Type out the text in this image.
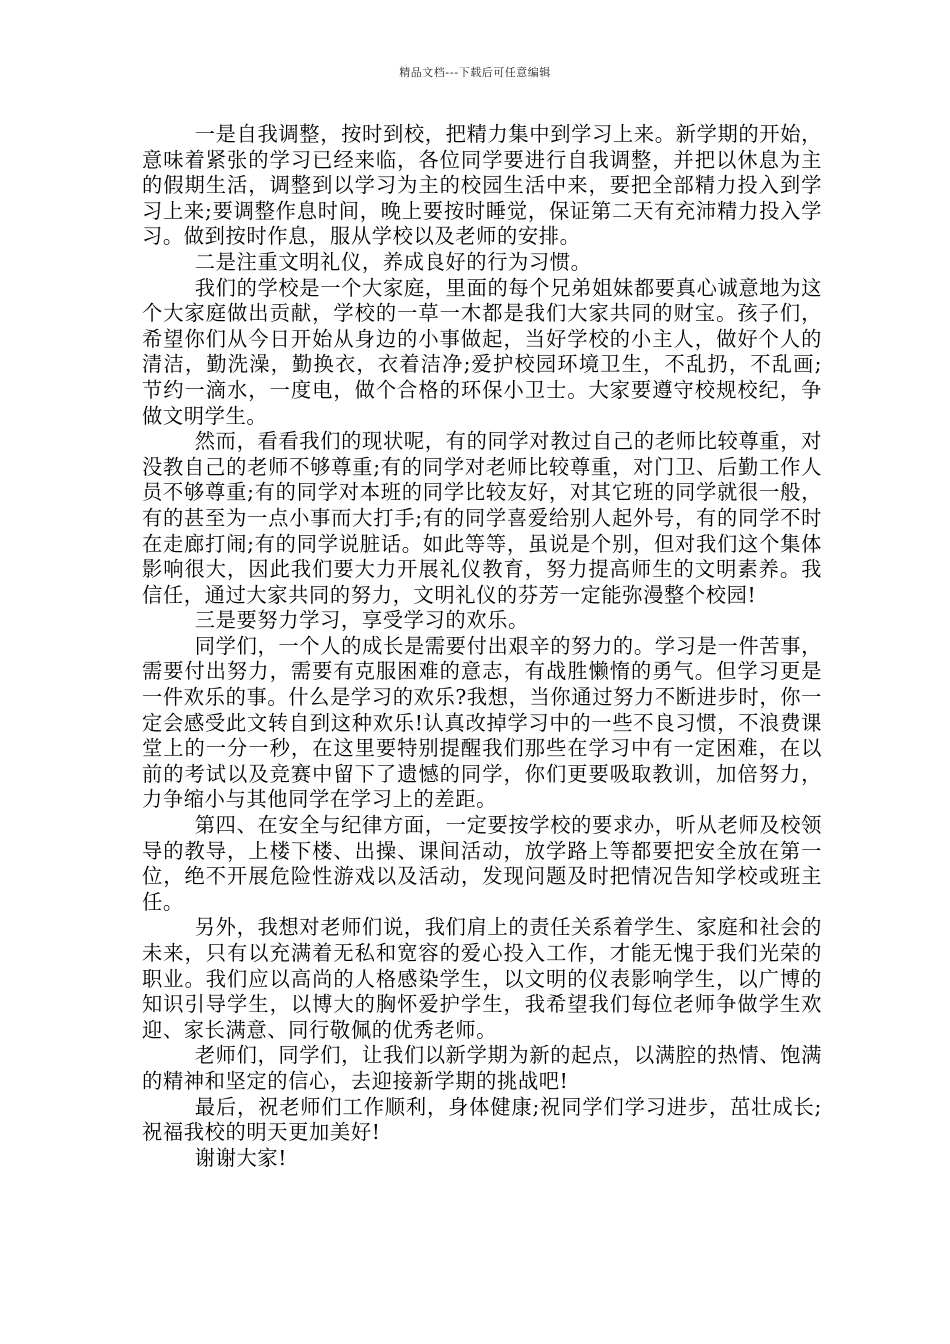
精品文档---下载后可任意编辑

一是自我调整，按时到校，把精力集中到学习上来。新学期的开始，意味着紧张的学习已经来临，各位同学要进行自我调整，并把以休息为主的假期生活，调整到以学习为主的校园生活中来，要把全部精力投入到学习上来;要调整作息时间，晚上要按时睡觉，保证第二天有充沛精力投入学习。做到按时作息，服从学校以及老师的安排。

二是注重文明礼仪，养成良好的行为习惯。

我们的学校是一个大家庭，里面的每个兄弟姐妹都要真心诚意地为这个大家庭做出贡献，学校的一草一木都是我们大家共同的财宝。孩子们，希望你们从今日开始从身边的小事做起，当好学校的小主人，做好个人的清洁，勤洗澡，勤换衣，衣着洁净;爱护校园环境卫生，不乱扔，不乱画;节约一滴水，一度电，做个合格的环保小卫士。大家要遵守校规校纪，争做文明学生。

然而，看看我们的现状呢，有的同学对教过自己的老师比较尊重，对没教自己的老师不够尊重;有的同学对老师比较尊重，对门卫、后勤工作人员不够尊重;有的同学对本班的同学比较友好，对其它班的同学就很一般，有的甚至为一点小事而大打手;有的同学喜爱给别人起外号，有的同学不时在走廊打闹;有的同学说脏话。如此等等，虽说是个别，但对我们这个集体影响很大，因此我们要大力开展礼仪教育，努力提高师生的文明素养。我信任，通过大家共同的努力，文明礼仪的芬芳一定能弥漫整个校园!

三是要努力学习，享受学习的欢乐。

同学们，一个人的成长是需要付出艰辛的努力的。学习是一件苦事，需要付出努力，需要有克服困难的意志，有战胜懒惰的勇气。但学习更是一件欢乐的事。什么是学习的欢乐?我想，当你通过努力不断进步时，你一定会感受此文转自到这种欢乐!认真改掉学习中的一些不良习惯，不浪费课堂上的一分一秒，在这里要特别提醒我们那些在学习中有一定困难，在以前的考试以及竞赛中留下了遗憾的同学，你们更要吸取教训，加倍努力，力争缩小与其他同学在学习上的差距。

第四、在安全与纪律方面，一定要按学校的要求办，听从老师及校领导的教导，上楼下楼、出操、课间活动，放学路上等都要把安全放在第一位，绝不开展危险性游戏以及活动，发现问题及时把情况告知学校或班主任。

另外，我想对老师们说，我们肩上的责任关系着学生、家庭和社会的未来，只有以充满着无私和宽容的爱心投入工作，才能无愧于我们光荣的职业。我们应以高尚的人格感染学生，以文明的仪表影响学生，以广博的知识引导学生，以博大的胸怀爱护学生，我希望我们每位老师争做学生欢迎、家长满意、同行敬佩的优秀老师。

老师们，同学们，让我们以新学期为新的起点，以满腔的热情、饱满的精神和坚定的信心，去迎接新学期的挑战吧!

最后，祝老师们工作顺利，身体健康;祝同学们学习进步，茁壮成长;祝福我校的明天更加美好!

谢谢大家!
